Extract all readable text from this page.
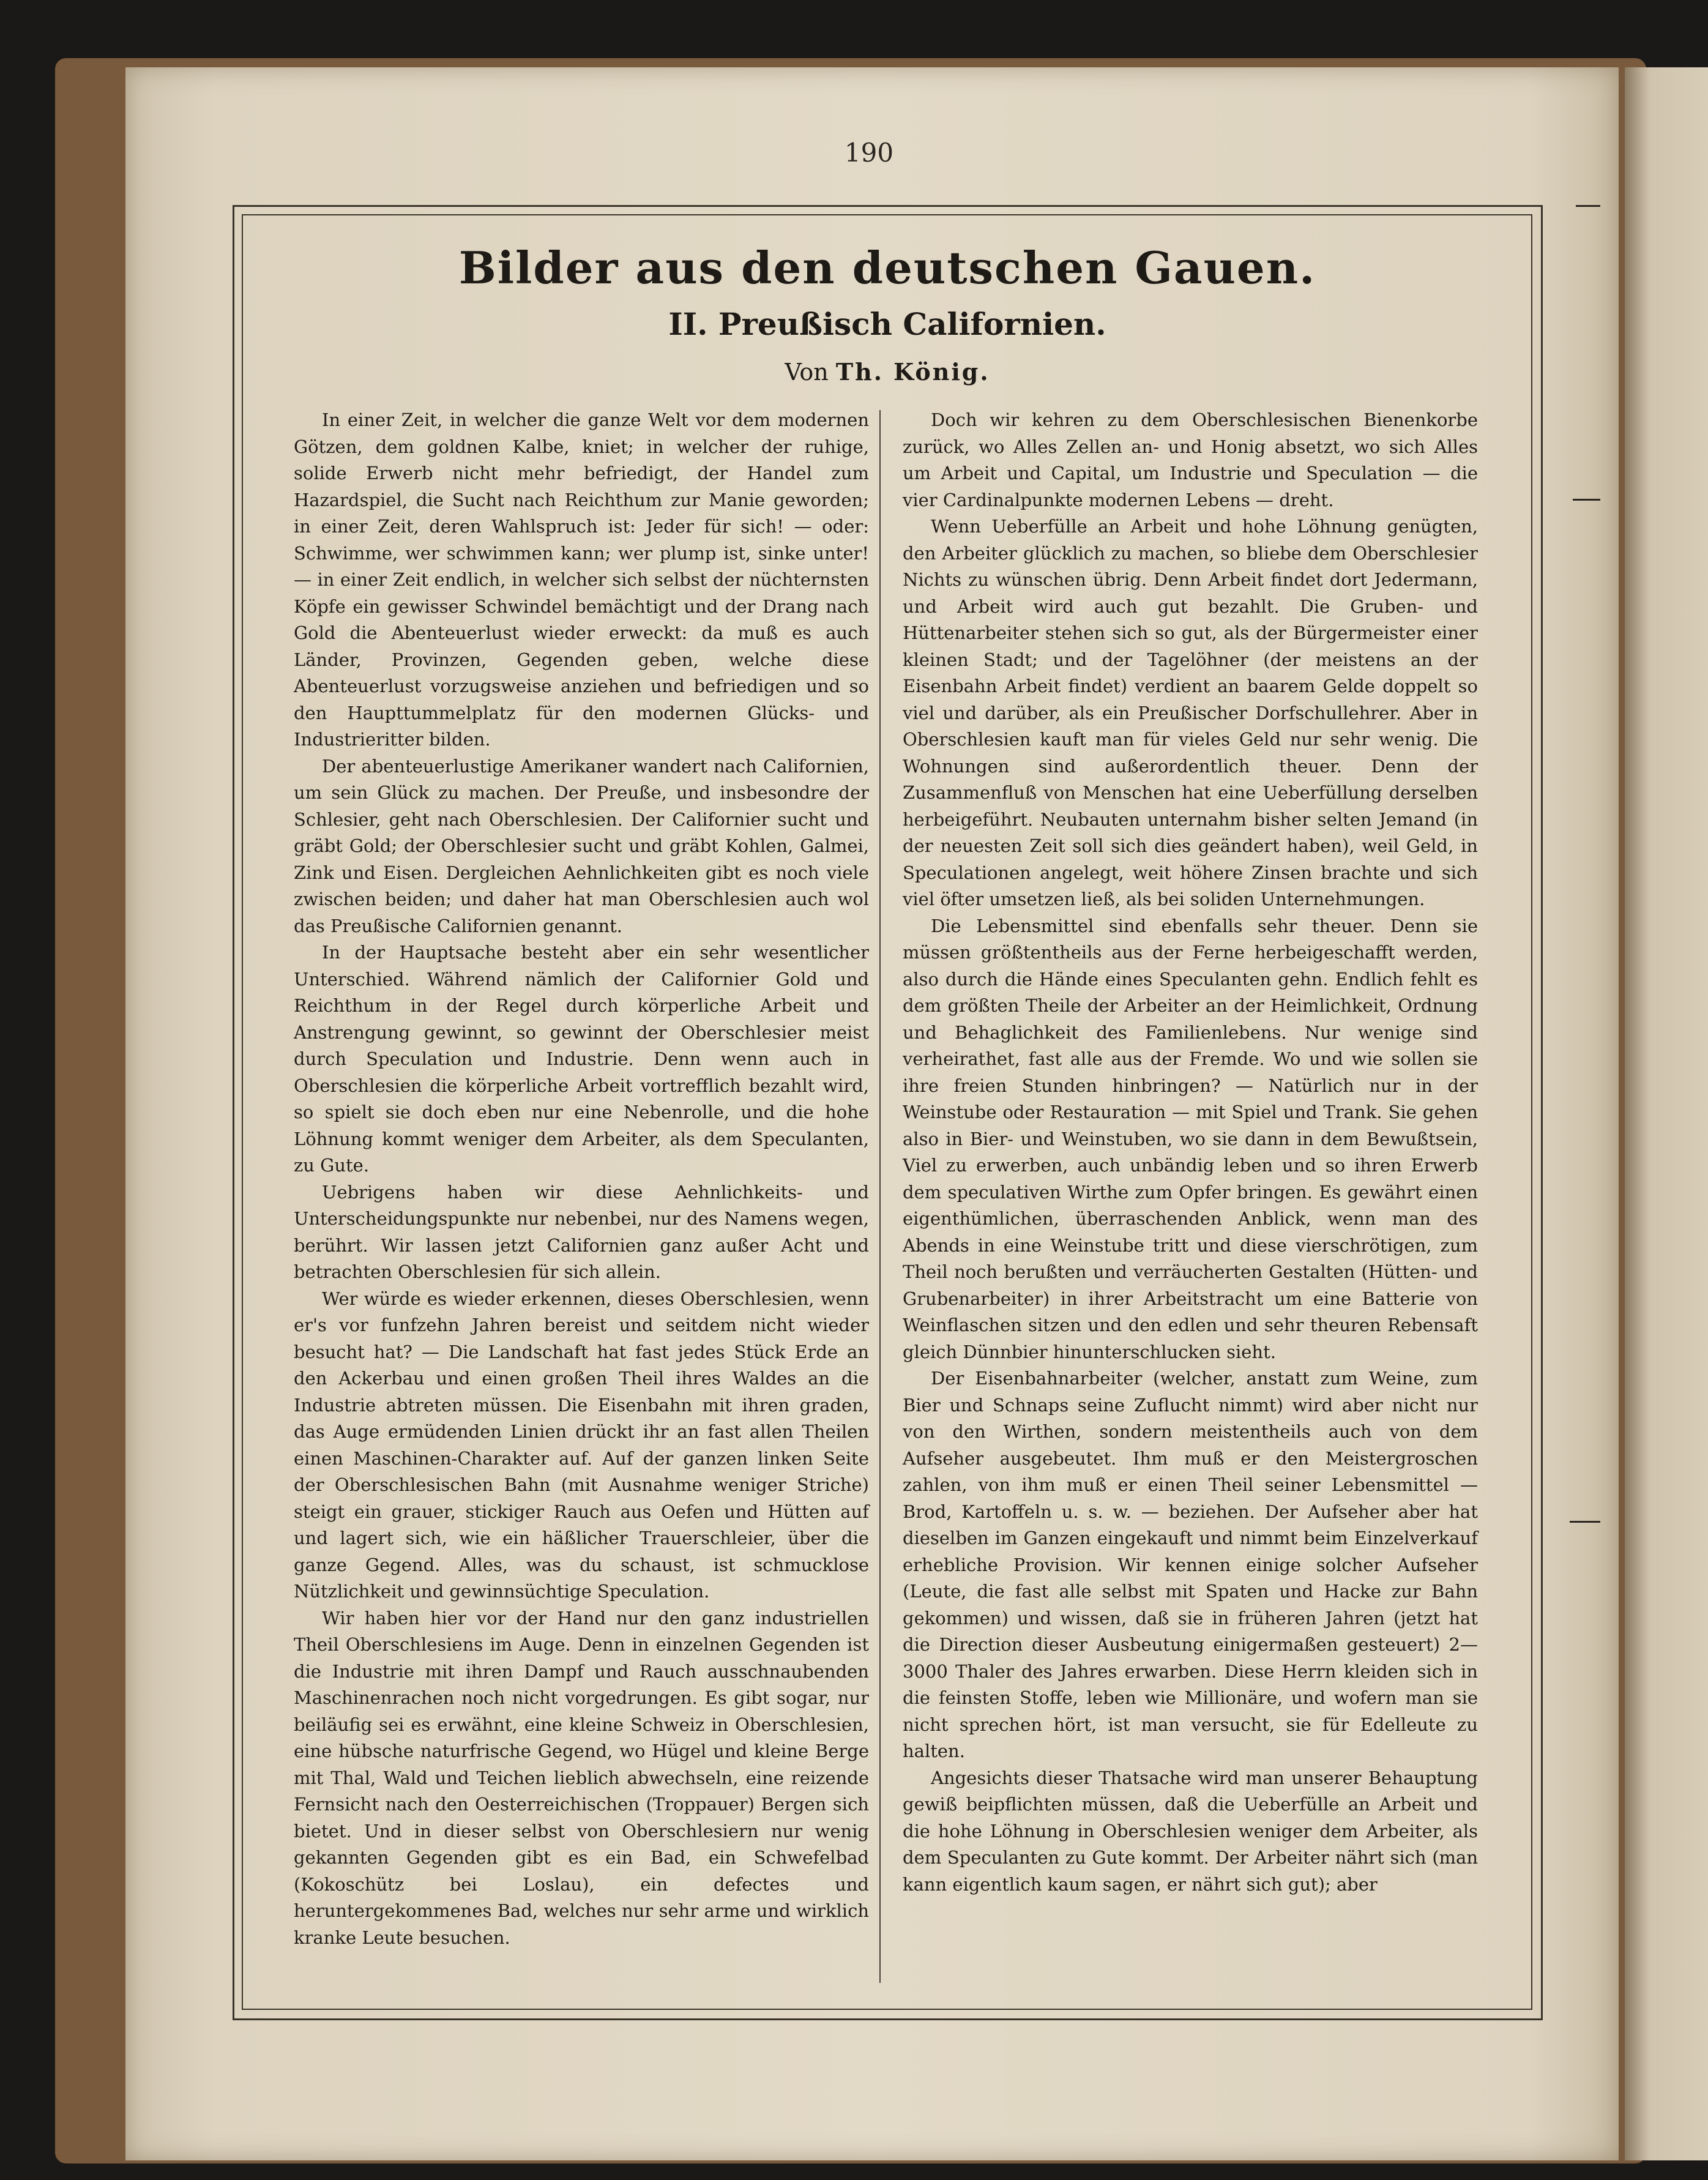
190
Bilder aus den deutschen Gauen.
II. Preußisch Californien.
Von Th. König.

In einer Zeit, in welcher die ganze Welt vor dem modernen Götzen, dem goldnen Kalbe, kniet; in welcher der ruhige, solide Erwerb nicht mehr befriedigt, der Handel zum Hazardspiel, die Sucht nach Reichthum zur Manie geworden; in einer Zeit, deren Wahlspruch ist: Jeder für sich! — oder: Schwimme, wer schwimmen kann; wer plump ist, sinke unter! — in einer Zeit endlich, in welcher sich selbst der nüchternsten Köpfe ein gewisser Schwindel bemächtigt und der Drang nach Gold die Abenteuerlust wieder erweckt: da muß es auch Länder, Provinzen, Gegenden geben, welche diese Abenteuerlust vorzugsweise anziehen und befriedigen und so den Haupttummelplatz für den modernen Glücks- und Industrieritter bilden.

Der abenteuerlustige Amerikaner wandert nach Californien, um sein Glück zu machen. Der Preuße, und insbesondre der Schlesier, geht nach Oberschlesien. Der Californier sucht und gräbt Gold; der Oberschlesier sucht und gräbt Kohlen, Galmei, Zink und Eisen. Dergleichen Aehnlichkeiten gibt es noch viele zwischen beiden; und daher hat man Oberschlesien auch wol das Preußische Californien genannt.

In der Hauptsache besteht aber ein sehr wesentlicher Unterschied. Während nämlich der Californier Gold und Reichthum in der Regel durch körperliche Arbeit und Anstrengung gewinnt, so gewinnt der Oberschlesier meist durch Speculation und Industrie. Denn wenn auch in Oberschlesien die körperliche Arbeit vortrefflich bezahlt wird, so spielt sie doch eben nur eine Nebenrolle, und die hohe Löhnung kommt weniger dem Arbeiter, als dem Speculanten, zu Gute.

Uebrigens haben wir diese Aehnlichkeits- und Unterscheidungspunkte nur nebenbei, nur des Namens wegen, berührt. Wir lassen jetzt Californien ganz außer Acht und betrachten Oberschlesien für sich allein.

Wer würde es wieder erkennen, dieses Oberschlesien, wenn er's vor funfzehn Jahren bereist und seitdem nicht wieder besucht hat? — Die Landschaft hat fast jedes Stück Erde an den Ackerbau und einen großen Theil ihres Waldes an die Industrie abtreten müssen. Die Eisenbahn mit ihren graden, das Auge ermüdenden Linien drückt ihr an fast allen Theilen einen Maschinen-Charakter auf. Auf der ganzen linken Seite der Oberschlesischen Bahn (mit Ausnahme weniger Striche) steigt ein grauer, stickiger Rauch aus Oefen und Hütten auf und lagert sich, wie ein häßlicher Trauerschleier, über die ganze Gegend. Alles, was du schaust, ist schmucklose Nützlichkeit und gewinnsüchtige Speculation.

Wir haben hier vor der Hand nur den ganz industriellen Theil Oberschlesiens im Auge. Denn in einzelnen Gegenden ist die Industrie mit ihren Dampf und Rauch ausschnaubenden Maschinenrachen noch nicht vorgedrungen. Es gibt sogar, nur beiläufig sei es erwähnt, eine kleine Schweiz in Oberschlesien, eine hübsche naturfrische Gegend, wo Hügel und kleine Berge mit Thal, Wald und Teichen lieblich abwechseln, eine reizende Fernsicht nach den Oesterreichischen (Troppauer) Bergen sich bietet. Und in dieser selbst von Oberschlesiern nur wenig gekannten Gegenden gibt es ein Bad, ein Schwefelbad (Kokoschütz bei Loslau), ein defectes und heruntergekommenes Bad, welches nur sehr arme und wirklich kranke Leute besuchen.

Doch wir kehren zu dem Oberschlesischen Bienenkorbe zurück, wo Alles Zellen an- und Honig absetzt, wo sich Alles um Arbeit und Capital, um Industrie und Speculation — die vier Cardinalpunkte modernen Lebens — dreht.

Wenn Ueberfülle an Arbeit und hohe Löhnung genügten, den Arbeiter glücklich zu machen, so bliebe dem Oberschlesier Nichts zu wünschen übrig. Denn Arbeit findet dort Jedermann, und Arbeit wird auch gut bezahlt. Die Gruben- und Hüttenarbeiter stehen sich so gut, als der Bürgermeister einer kleinen Stadt; und der Tagelöhner (der meistens an der Eisenbahn Arbeit findet) verdient an baarem Gelde doppelt so viel und darüber, als ein Preußischer Dorfschullehrer. Aber in Oberschlesien kauft man für vieles Geld nur sehr wenig. Die Wohnungen sind außerordentlich theuer. Denn der Zusammenfluß von Menschen hat eine Ueberfüllung derselben herbeigeführt. Neubauten unternahm bisher selten Jemand (in der neuesten Zeit soll sich dies geändert haben), weil Geld, in Speculationen angelegt, weit höhere Zinsen brachte und sich viel öfter umsetzen ließ, als bei soliden Unternehmungen.

Die Lebensmittel sind ebenfalls sehr theuer. Denn sie müssen größtentheils aus der Ferne herbeigeschafft werden, also durch die Hände eines Speculanten gehn. Endlich fehlt es dem größten Theile der Arbeiter an der Heimlichkeit, Ordnung und Behaglichkeit des Familienlebens. Nur wenige sind verheirathet, fast alle aus der Fremde. Wo und wie sollen sie ihre freien Stunden hinbringen? — Natürlich nur in der Weinstube oder Restauration — mit Spiel und Trank. Sie gehen also in Bier- und Weinstuben, wo sie dann in dem Bewußtsein, Viel zu erwerben, auch unbändig leben und so ihren Erwerb dem speculativen Wirthe zum Opfer bringen. Es gewährt einen eigenthümlichen, überraschenden Anblick, wenn man des Abends in eine Weinstube tritt und diese vierschrötigen, zum Theil noch berußten und verräucherten Gestalten (Hütten- und Grubenarbeiter) in ihrer Arbeitstracht um eine Batterie von Weinflaschen sitzen und den edlen und sehr theuren Rebensaft gleich Dünnbier hinunterschlucken sieht.

Der Eisenbahnarbeiter (welcher, anstatt zum Weine, zum Bier und Schnaps seine Zuflucht nimmt) wird aber nicht nur von den Wirthen, sondern meistentheils auch von dem Aufseher ausgebeutet. Ihm muß er den Meistergroschen zahlen, von ihm muß er einen Theil seiner Lebensmittel — Brod, Kartoffeln u. s. w. — beziehen. Der Aufseher aber hat dieselben im Ganzen eingekauft und nimmt beim Einzelverkauf erhebliche Provision. Wir kennen einige solcher Aufseher (Leute, die fast alle selbst mit Spaten und Hacke zur Bahn gekommen) und wissen, daß sie in früheren Jahren (jetzt hat die Direction dieser Ausbeutung einigermaßen gesteuert) 2—3000 Thaler des Jahres erwarben. Diese Herrn kleiden sich in die feinsten Stoffe, leben wie Millionäre, und wofern man sie nicht sprechen hört, ist man versucht, sie für Edelleute zu halten.

Angesichts dieser Thatsache wird man unserer Behauptung gewiß beipflichten müssen, daß die Ueberfülle an Arbeit und die hohe Löhnung in Oberschlesien weniger dem Arbeiter, als dem Speculanten zu Gute kommt. Der Arbeiter nährt sich (man kann eigentlich kaum sagen, er nährt sich gut); aber
